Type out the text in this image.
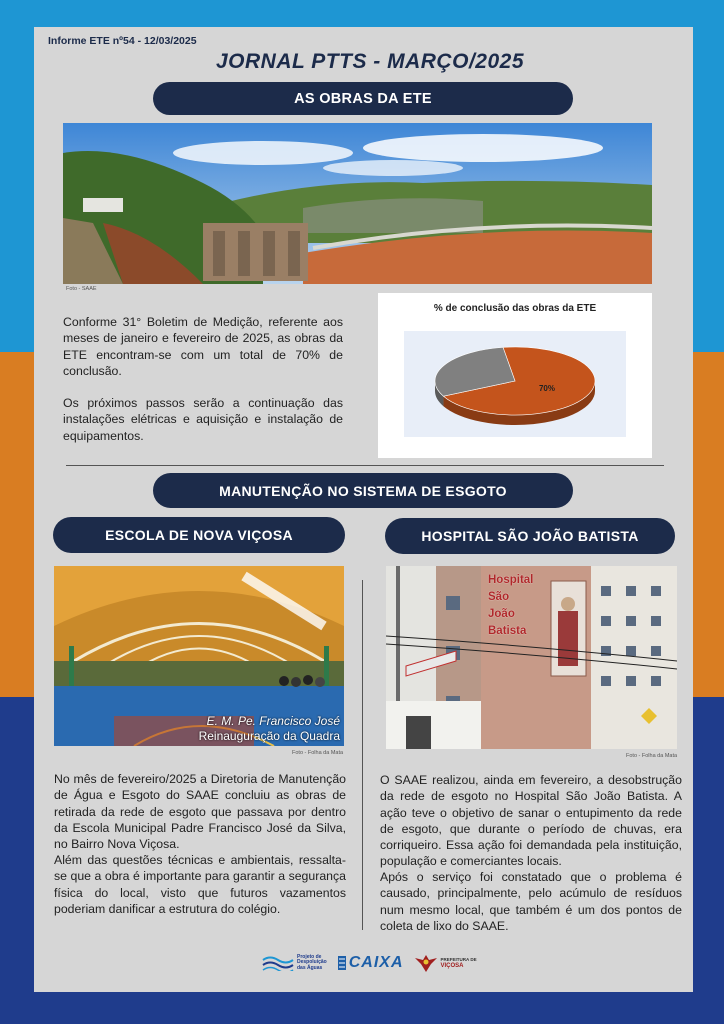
Informe ETE nº54 - 12/03/2025
JORNAL PTTS - MARÇO/2025
AS OBRAS DA ETE
Foto - SAAE
Conforme 31° Boletim de Medição, referente aos meses de janeiro e fevereiro de 2025, as obras da ETE encontram-se com um total de 70% de conclusão.
Os próximos passos serão a continuação das instalações elétricas e aquisição e instalação de equipamentos.
% de conclusão das obras da ETE
70%
MANUTENÇÃO NO SISTEMA DE ESGOTO
ESCOLA DE NOVA VIÇOSA	HOSPITAL SÃO JOÃO BATISTA
E. M. Pe. Francisco José
Reinauguração da Quadra
Foto - Folha da Mata
Hospital
São
João
Batista
Foto - Folha da Mata
No mês de fevereiro/2025 a Diretoria de Manutenção de Água e Esgoto do SAAE concluiu as obras de retirada da rede de esgoto que passava por dentro da Escola Municipal Padre Francisco José da Silva, no Bairro Nova Viçosa.
Além das questões técnicas e ambientais, ressalta-se que a obra é importante para garantir a segurança física do local, visto que futuros vazamentos poderiam danificar a estrutura do colégio.
O SAAE realizou, ainda em fevereiro, a desobstrução da rede de esgoto no Hospital São João Batista. A ação teve o objetivo de sanar o entupimento da rede de esgoto, que durante o período de chuvas, era corriqueiro. Essa ação foi demandada pela instituição, população e comerciantes locais.
Após o serviço foi constatado que o problema é causado, principalmente, pelo acúmulo de resíduos num mesmo local, que também é um dos pontos de coleta de lixo do SAAE.
Projeto de
Despoluição
das Águas CAIXA	PREFEITURA DE
VIÇOSA
